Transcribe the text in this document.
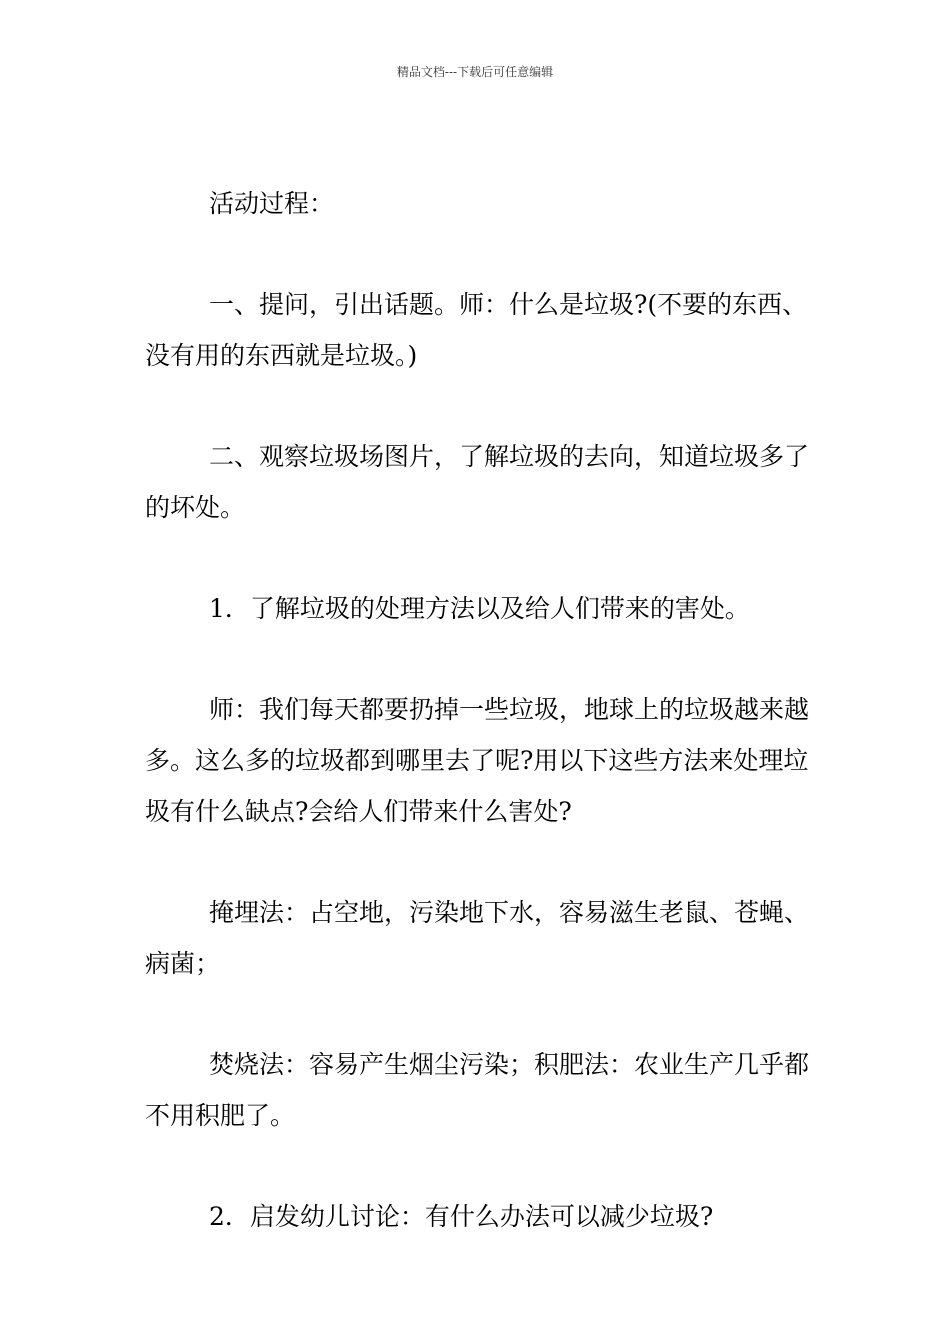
精品文档---下载后可任意编辑

活动过程：

一、提问，引出话题。师：什么是垃圾?(不要的东西、没有用的东西就是垃圾。)

二、观察垃圾场图片，了解垃圾的去向，知道垃圾多了的坏处。

1．了解垃圾的处理方法以及给人们带来的害处。

师：我们每天都要扔掉一些垃圾，地球上的垃圾越来越多。这么多的垃圾都到哪里去了呢?用以下这些方法来处理垃圾有什么缺点?会给人们带来什么害处?

掩埋法：占空地，污染地下水，容易滋生老鼠、苍蝇、病菌；

焚烧法：容易产生烟尘污染；积肥法：农业生产几乎都不用积肥了。

2．启发幼儿讨论：有什么办法可以减少垃圾?
